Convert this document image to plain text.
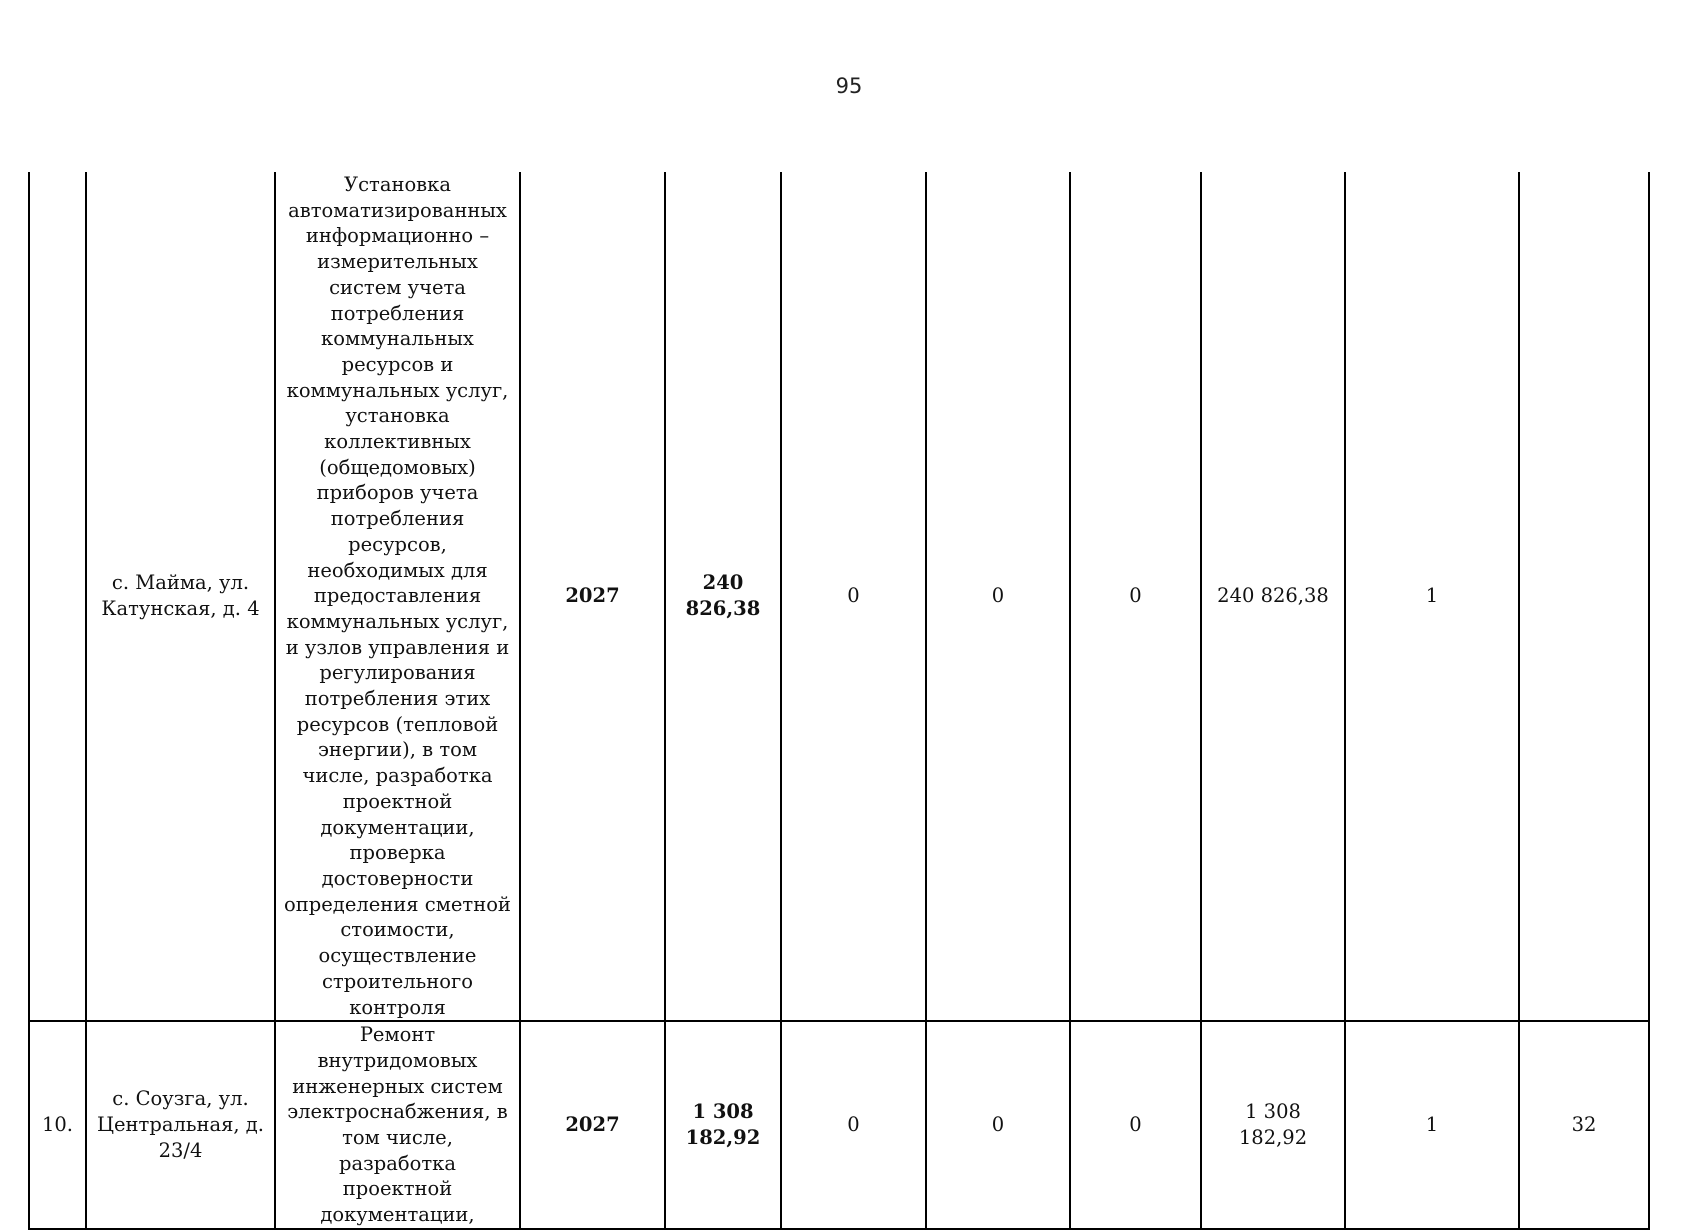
95
	с. Майма, ул. Катунская, д. 4	Установка автоматизированных информационно – измерительных систем учета потребления коммунальных ресурсов и коммунальных услуг, установка коллективных (общедомовых) приборов учета потребления ресурсов, необходимых для предоставления коммунальных услуг, и узлов управления и регулирования потребления этих ресурсов (тепловой энергии), в том числе, разработка проектной документации, проверка достоверности определения сметной стоимости, осуществление строительного контроля	2027	240 826,38	0	0	0	240 826,38	1	
10.	с. Соузга, ул. Центральная, д. 23/4	Ремонт внутридомовых инженерных систем электроснабжения, в том числе, разработка проектной документации,	2027	1 308 182,92	0	0	0	1 308 182,92	1	32
